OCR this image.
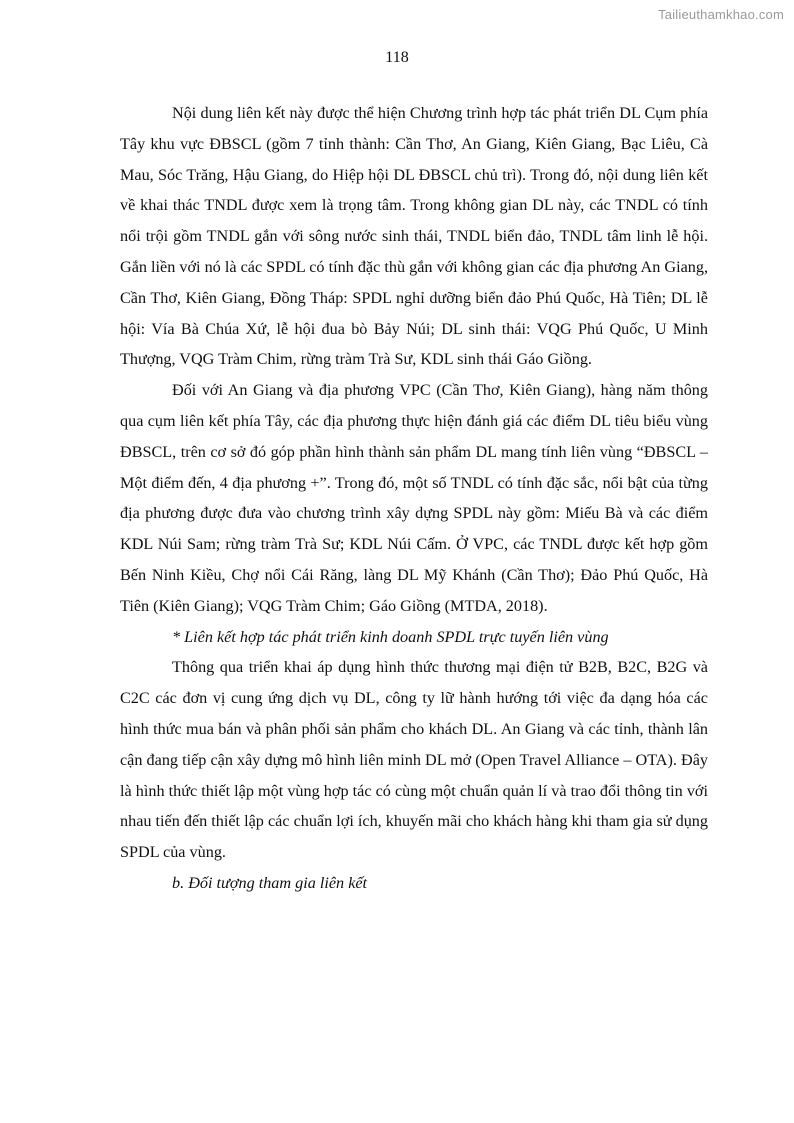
Tailieuthamkhao.com
118

Nội dung liên kết này được thể hiện Chương trình hợp tác phát triển DL Cụm phía Tây khu vực ĐBSCL (gồm 7 tỉnh thành: Cần Thơ, An Giang, Kiên Giang, Bạc Liêu, Cà Mau, Sóc Trăng, Hậu Giang, do Hiệp hội DL ĐBSCL chủ trì). Trong đó, nội dung liên kết về khai thác TNDL được xem là trọng tâm. Trong không gian DL này, các TNDL có tính nổi trội gồm TNDL gắn với sông nước sinh thái, TNDL biển đảo, TNDL tâm linh lễ hội. Gắn liền với nó là các SPDL có tính đặc thù gắn với không gian các địa phương An Giang, Cần Thơ, Kiên Giang, Đồng Tháp: SPDL nghỉ dưỡng biển đảo Phú Quốc, Hà Tiên; DL lễ hội: Vía Bà Chúa Xứ, lễ hội đua bò Bảy Núi; DL sinh thái: VQG Phú Quốc, U Minh Thượng, VQG Tràm Chim, rừng tràm Trà Sư, KDL sinh thái Gáo Giồng.

Đối với An Giang và địa phương VPC (Cần Thơ, Kiên Giang), hàng năm thông qua cụm liên kết phía Tây, các địa phương thực hiện đánh giá các điểm DL tiêu biểu vùng ĐBSCL, trên cơ sở đó góp phần hình thành sản phẩm DL mang tính liên vùng “ĐBSCL – Một điểm đến, 4 địa phương +”. Trong đó, một số TNDL có tính đặc sắc, nổi bật của từng địa phương được đưa vào chương trình xây dựng SPDL này gồm: Miếu Bà và các điểm KDL Núi Sam; rừng tràm Trà Sư; KDL Núi Cấm. Ở VPC, các TNDL được kết hợp gồm Bến Ninh Kiều, Chợ nổi Cái Răng, làng DL Mỹ Khánh (Cần Thơ); Đảo Phú Quốc, Hà Tiên (Kiên Giang); VQG Tràm Chim; Gáo Giồng (MTDA, 2018).

* Liên kết hợp tác phát triển kinh doanh SPDL trực tuyến liên vùng

Thông qua triển khai áp dụng hình thức thương mại điện tử B2B, B2C, B2G và C2C các đơn vị cung ứng dịch vụ DL, công ty lữ hành hướng tới việc đa dạng hóa các hình thức mua bán và phân phối sản phẩm cho khách DL. An Giang và các tỉnh, thành lân cận đang tiếp cận xây dựng mô hình liên minh DL mở (Open Travel Alliance – OTA). Đây là hình thức thiết lập một vùng hợp tác có cùng một chuẩn quản lí và trao đổi thông tin với nhau tiến đến thiết lập các chuẩn lợi ích, khuyến mãi cho khách hàng khi tham gia sử dụng SPDL của vùng.

b. Đối tượng tham gia liên kết
